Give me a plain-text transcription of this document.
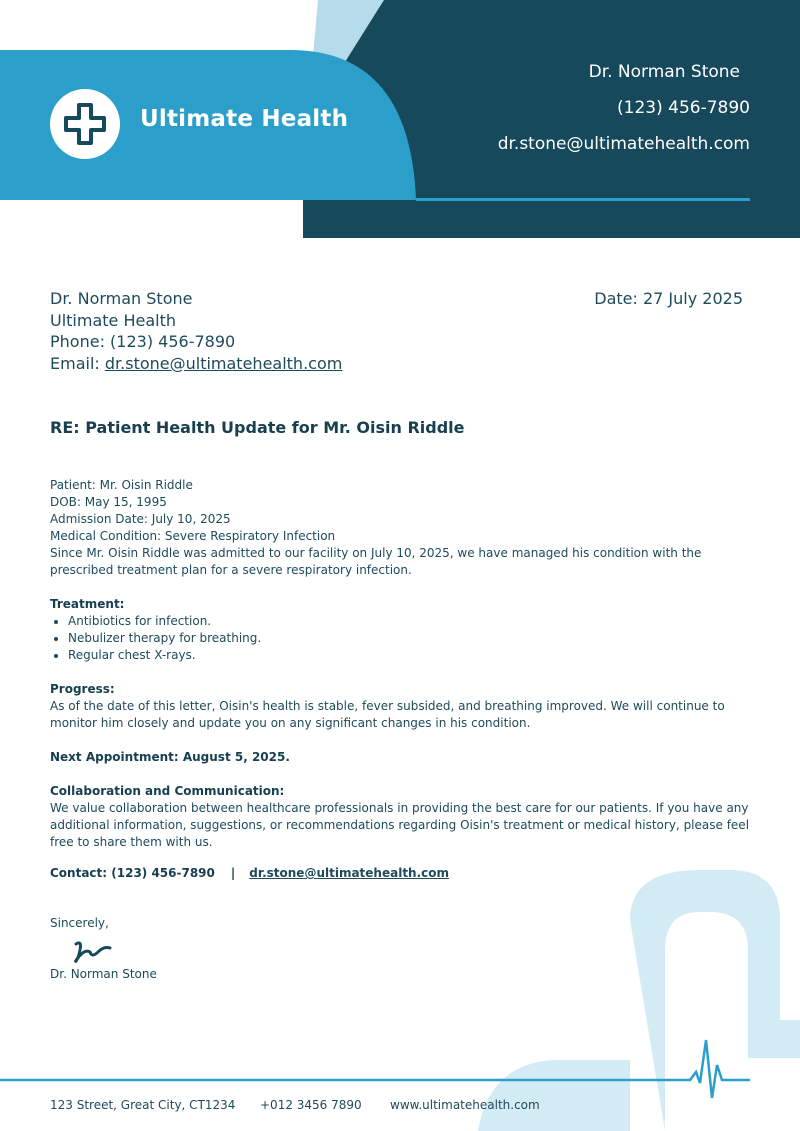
Ultimate Health
Dr. Norman Stone
(123) 456-7890
dr.stone@ultimatehealth.com
Dr. Norman Stone
Ultimate Health
Phone: (123) 456-7890
Email: dr.stone@ultimatehealth.com
Date: 27 July 2025
RE: Patient Health Update for Mr. Oisin Riddle

Patient: Mr. Oisin Riddle

DOB: May 15, 1995

Admission Date: July 10, 2025

Medical Condition: Severe Respiratory Infection

Since Mr. Oisin Riddle was admitted to our facility on July 10, 2025, we have managed his condition with the prescribed treatment plan for a severe respiratory infection.

Treatment:

• Antibiotics for infection.
• Nebulizer therapy for breathing.
• Regular chest X-rays.

Progress:

As of the date of this letter, Oisin's health is stable, fever subsided, and breathing improved. We will continue to monitor him closely and update you on any significant changes in his condition.

Next Appointment: August 5, 2025.

Collaboration and Communication:

We value collaboration between healthcare professionals in providing the best care for our patients. If you have any additional information, suggestions, or recommendations regarding Oisin's treatment or medical history, please feel free to share them with us.

Contact: (123) 456-7890 | dr.stone@ultimatehealth.com

Sincerely,
Dr. Norman Stone
123 Street, Great City, CT1234	+012 3456 7890	www.ultimatehealth.com
